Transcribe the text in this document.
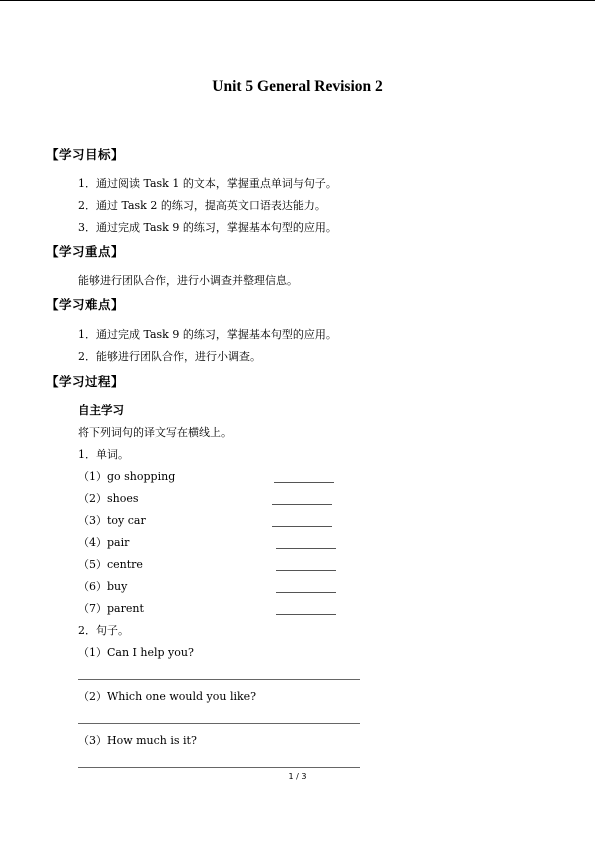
Unit 5 General Revision 2
【学习目标】
1．通过阅读 Task 1 的文本，掌握重点单词与句子。
2．通过 Task 2 的练习，提高英文口语表达能力。
3．通过完成 Task 9 的练习，掌握基本句型的应用。
【学习重点】
能够进行团队合作，进行小调查并整理信息。
【学习难点】
1．通过完成 Task 9 的练习，掌握基本句型的应用。
2．能够进行团队合作，进行小调查。
【学习过程】
自主学习
将下列词句的译文写在横线上。
1．单词。
（1）go shopping
（2）shoes
（3）toy car
（4）pair
（5）centre
（6）buy
（7）parent
2．句子。
（1）Can I help you?
（2）Which one would you like?
（3）How much is it?
1 / 3
